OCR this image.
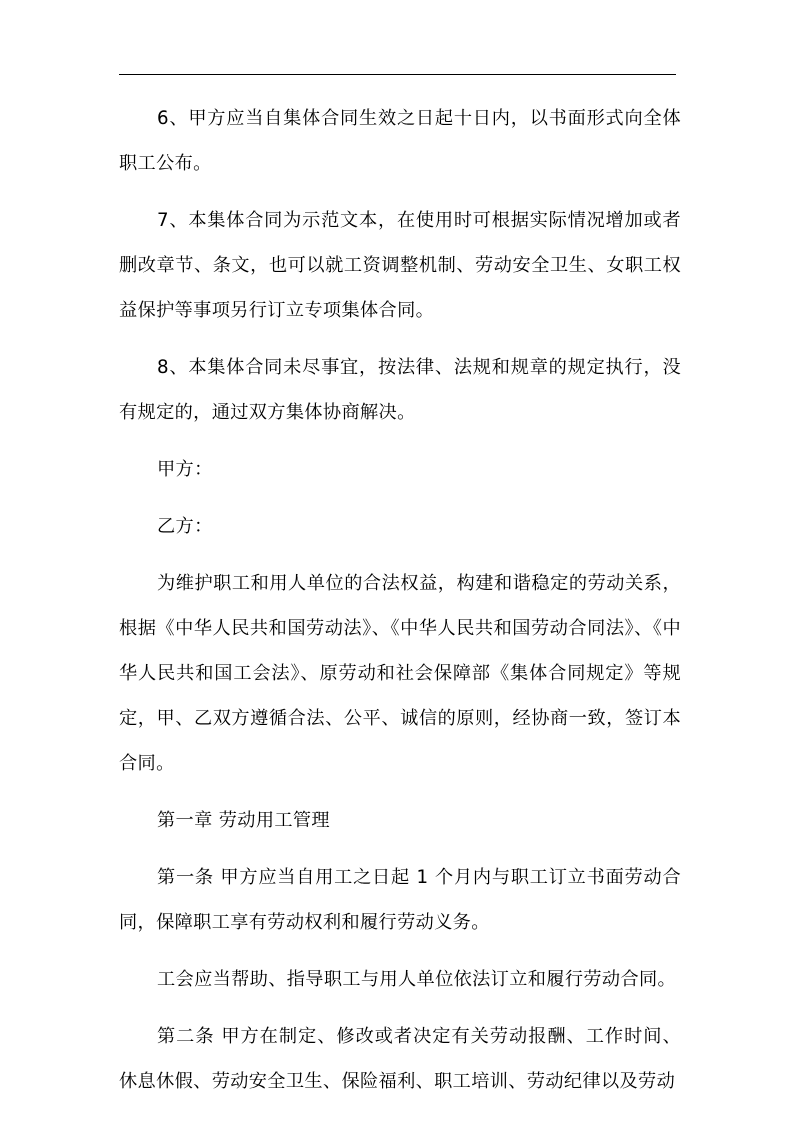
6、甲方应当自集体合同生效之日起十日内，以书面形式向全体职工公布。

7、本集体合同为示范文本，在使用时可根据实际情况增加或者删改章节、条文，也可以就工资调整机制、劳动安全卫生、女职工权益保护等事项另行订立专项集体合同。

8、本集体合同未尽事宜，按法律、法规和规章的规定执行，没有规定的，通过双方集体协商解决。

甲方：

乙方：

为维护职工和用人单位的合法权益，构建和谐稳定的劳动关系，根据《中华人民共和国劳动法》、《中华人民共和国劳动合同法》、《中华人民共和国工会法》、原劳动和社会保障部《集体合同规定》等规定，甲、乙双方遵循合法、公平、诚信的原则，经协商一致，签订本合同。

第一章 劳动用工管理

第一条 甲方应当自用工之日起 1 个月内与职工订立书面劳动合同，保障职工享有劳动权利和履行劳动义务。

工会应当帮助、指导职工与用人单位依法订立和履行劳动合同。

第二条 甲方在制定、修改或者决定有关劳动报酬、工作时间、休息休假、劳动安全卫生、保险福利、职工培训、劳动纪律以及劳动
